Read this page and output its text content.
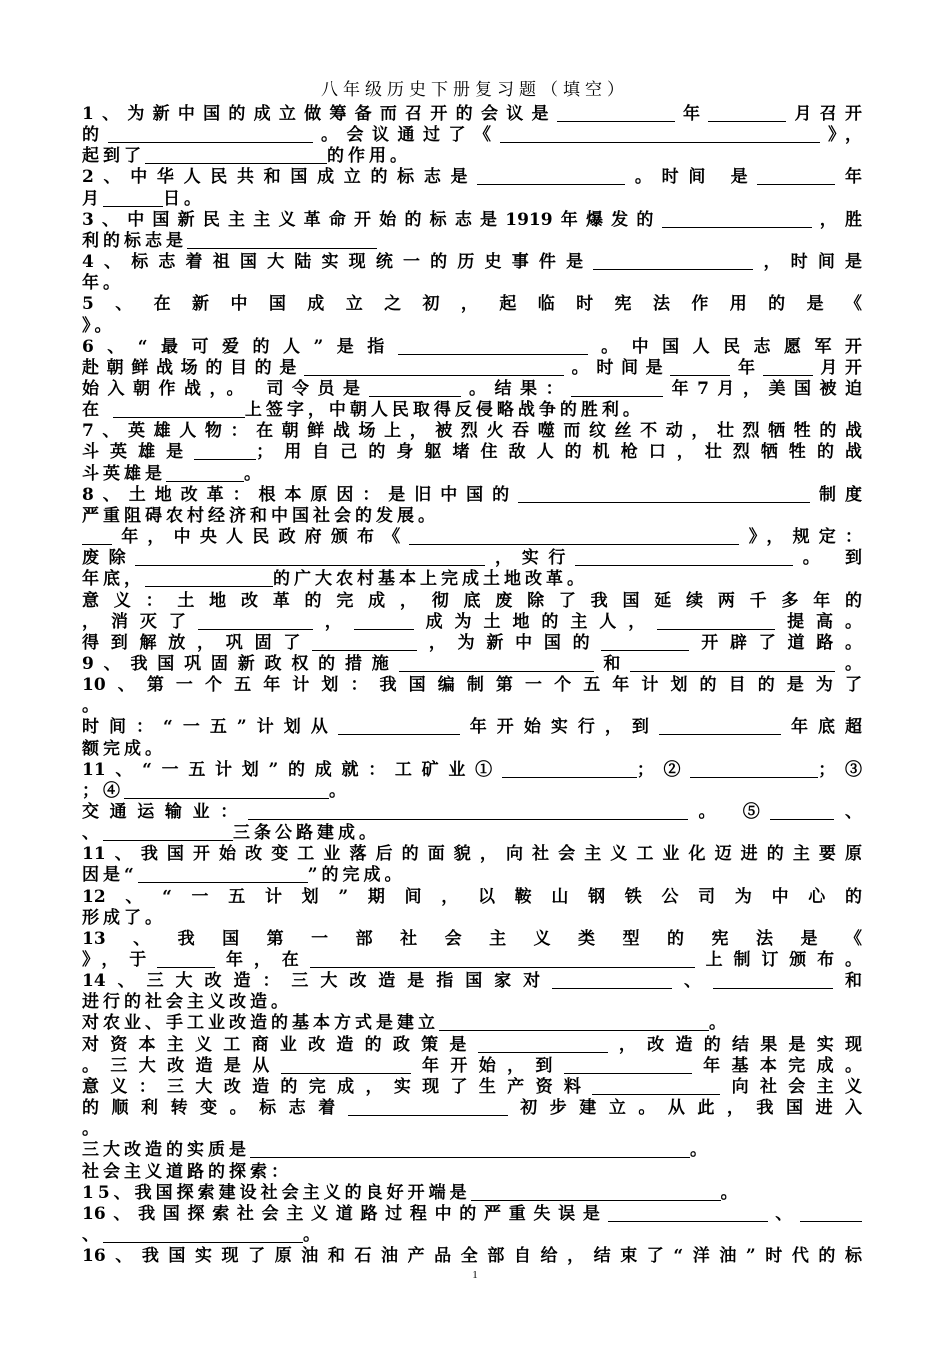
八年级历史下册复习题（填空）
1、为新中国的成立做筹备而召开的会议是	年	月召开
的	。会议通过了《	》，
起到了	的作用。
2、中华人民共和国成立的标志是	。时间 是	年
月	日。
3、中国新民主主义革命开始的标志是1919年爆发的	，胜
利的标志是
4、标志着祖国大陆实现统一的历史事件是	，时间是
年。
5、在新中国成立之初，起临时宪法作用的是《
》。
6、“最可爱的人”是指	。中国人民志愿军开
赴朝鲜战场的目的是	。时间是	年	月开
始入朝作战，。 司令员是	。结果：	年7月，美国被迫
在	上签字，中朝人民取得反侵略战争的胜利。
7、英雄人物：在朝鲜战场上，被烈火吞噬而纹丝不动，壮烈牺牲的战
斗英雄是	；用自己的身躯堵住敌人的机枪口，壮烈牺牲的战
斗英雄是	。
8、土地改革：根本原因：是旧中国的	制度
严重阻碍农村经济和中国社会的发展。
年，中央人民政府颁布《	》，规定：
废除	，实行	。 到
年底，	的广大农村基本上完成土地改革。
意义：土地改革的完成，彻底废除了我国延续两千多年的
，消灭了	，	成为土地的主人，	提高。
得到解放，巩固了	，为新中国的	开辟了道路。
9、我国巩固新政权的措施	和	。
10、第一个五年计划：我国编制第一个五年计划的目的是为了
。
时间：“一五”计划从	年开始实行，到	年底超
额完成。
11、“一五计划”的成就：工矿业①	；②	；③
；④	。
交通运输业：	。 ⑤	、
、	三条公路建成。
11、我国开始改变工业落后的面貌，向社会主义工业化迈进的主要原
因是“	”的完成。
12、“一五计划”期间，以鞍山钢铁公司为中心的
形成了。
13、我国第一部社会主义类型的宪法是《
》，于	年，在	上制订颁布。
14、三大改造：三大改造是指国家对	、	和
进行的社会主义改造。
对农业、手工业改造的基本方式是建立	。
对资本主义工商业改造的政策是	，改造的结果是实现
。三大改造是从	年开始，到	年基本完成。
意义：三大改造的完成，实现了生产资料	向社会主义
的顺利转变。标志着	初步建立。从此，我国进入
。
三大改造的实质是	。
社会主义道路的探索：
15、我国探索建设社会主义的良好开端是	。
16、我国探索社会主义道路过程中的严重失误是	、
、	。
16、我国实现了原油和石油产品全部自给，结束了“洋油”时代的标
1
